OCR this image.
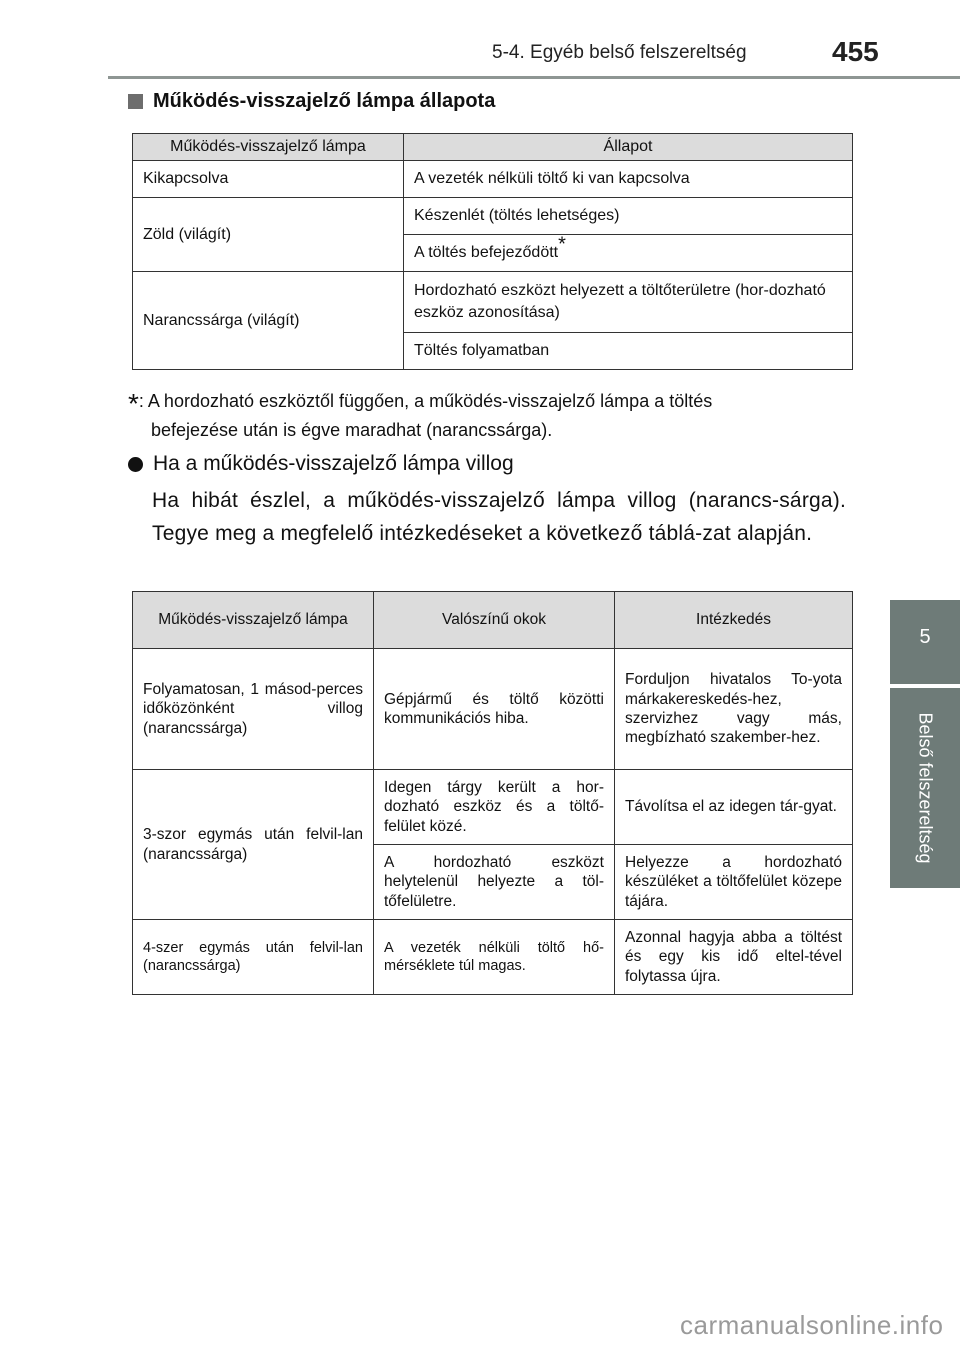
5-4. Egyéb belső felszereltség	455
5
Belső felszereltség
Működés-visszajelző lámpa állapota
Működés-visszajelző lámpa	Állapot
Kikapcsolva	A vezeték nélküli töltő ki van kapcsolva
Zöld (világít)	Készenlét (töltés lehetséges)
	A töltés befejeződött*
Narancssárga (világít)	Hordozható eszközt helyezett a töltőterületre (hor-dozható eszköz azonosítása)
	Töltés folyamatban
*: A hordozható eszköztől függően, a működés-visszajelző lámpa a töltés
befejezése után is égve maradhat (narancssárga).
Ha a működés-visszajelző lámpa villog
Ha hibát észlel, a működés-visszajelző lámpa villog (narancs-sárga). Tegye meg a megfelelő intézkedéseket a következő táblá-zat alapján.
Működés-visszajelző lámpa	Valószínű okok	Intézkedés
Folyamatosan, 1 másod-perces időközönként villog (narancssárga)	Gépjármű és töltő közötti kommunikációs hiba.	Forduljon hivatalos To-yota márkakereskedés-hez, szervizhez vagy más, megbízható szakember-hez.
3-szor egymás után felvil-lan (narancssárga)	Idegen tárgy került a hor-dozható eszköz és a töltő-felület közé.	Távolítsa el az idegen tár-gyat.
	A hordozható eszközt helytelenül helyezte a töl-tőfelületre.	Helyezze a hordozható készüléket a töltőfelület közepe tájára.
4-szer egymás után felvil-lan (narancssárga)	A vezeték nélküli töltő hő-mérséklete túl magas.	Azonnal hagyja abba a töltést és egy kis idő eltel-tével folytassa újra.
carmanualsonline.info
